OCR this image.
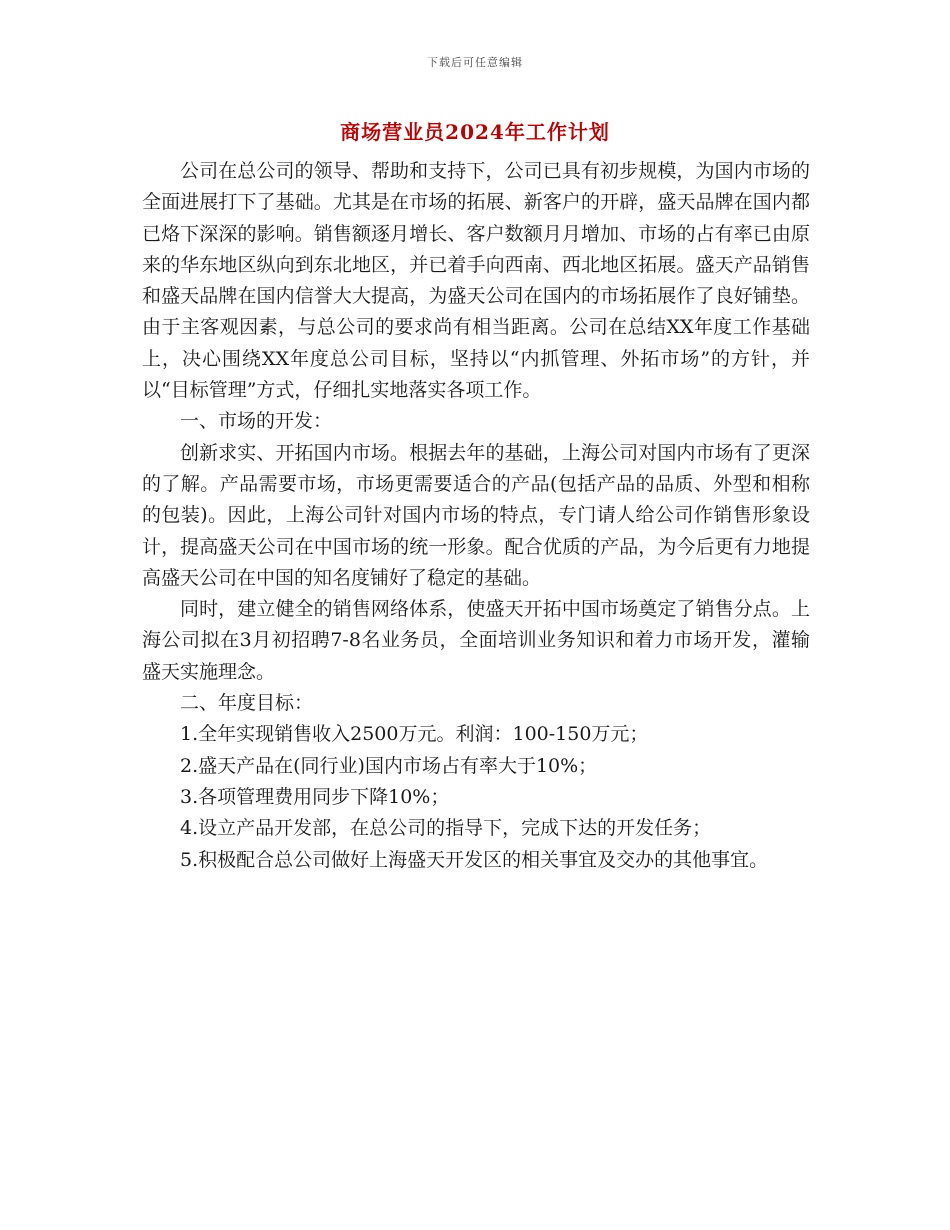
下载后可任意编辑
商场营业员2024年工作计划

公司在总公司的领导、帮助和支持下，公司已具有初步规模，为国内市场的全面进展打下了基础。尤其是在市场的拓展、新客户的开辟，盛天品牌在国内都已烙下深深的影响。销售额逐月增长、客户数额月月增加、市场的占有率已由原来的华东地区纵向到东北地区，并已着手向西南、西北地区拓展。盛天产品销售和盛天品牌在国内信誉大大提高，为盛天公司在国内的市场拓展作了良好铺垫。由于主客观因素，与总公司的要求尚有相当距离。公司在总结XX年度工作基础上，决心围绕XX年度总公司目标，坚持以“内抓管理、外拓市场”的方针，并以“目标管理”方式，仔细扎实地落实各项工作。

一、市场的开发：

创新求实、开拓国内市场。根据去年的基础，上海公司对国内市场有了更深的了解。产品需要市场，市场更需要适合的产品(包括产品的品质、外型和相称的包装)。因此，上海公司针对国内市场的特点，专门请人给公司作销售形象设计，提高盛天公司在中国市场的统一形象。配合优质的产品，为今后更有力地提高盛天公司在中国的知名度铺好了稳定的基础。

同时，建立健全的销售网络体系，使盛天开拓中国市场奠定了销售分点。上海公司拟在3月初招聘7-8名业务员，全面培训业务知识和着力市场开发，灌输盛天实施理念。

二、年度目标：

1.全年实现销售收入2500万元。利润：100-150万元；

2.盛天产品在(同行业)国内市场占有率大于10%；

3.各项管理费用同步下降10%；

4.设立产品开发部，在总公司的指导下，完成下达的开发任务；

5.积极配合总公司做好上海盛天开发区的相关事宜及交办的其他事宜。
